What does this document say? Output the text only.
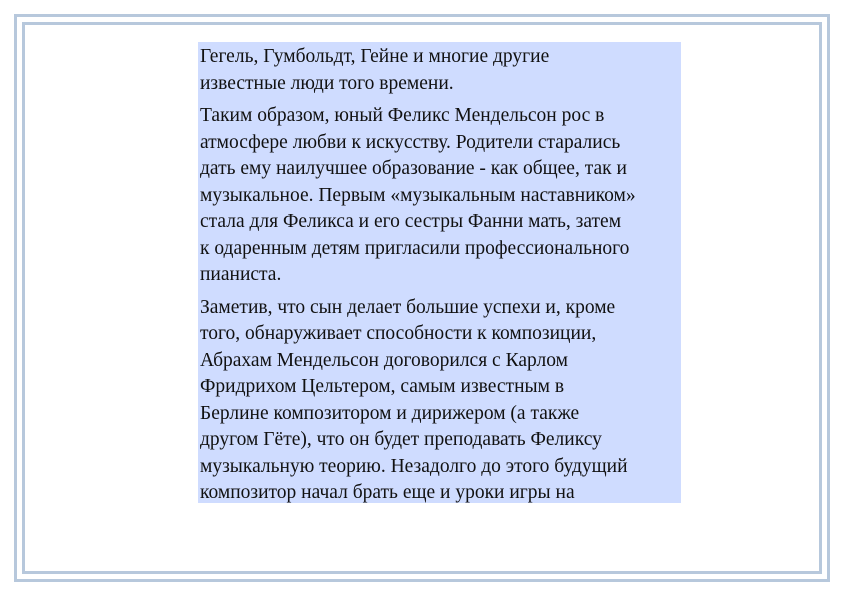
Гегель, Гумбольдт, Гейне и многие другие
известные люди того времени.

Таким образом, юный Феликс Мендельсон рос в
атмосфере любви к искусству. Родители старались
дать ему наилучшее образование - как общее, так и
музыкальное. Первым «музыкальным наставником»
стала для Феликса и его сестры Фанни мать, затем
к одаренным детям пригласили профессионального
пианиста.

Заметив, что сын делает большие успехи и, кроме
того, обнаруживает способности к композиции,
Абрахам Мендельсон договорился с Карлом
Фридрихом Цельтером, самым известным в
Берлине композитором и дирижером (а также
другом Гёте), что он будет преподавать Феликсу
музыкальную теорию. Незадолго до этого будущий
композитор начал брать еще и уроки игры на
